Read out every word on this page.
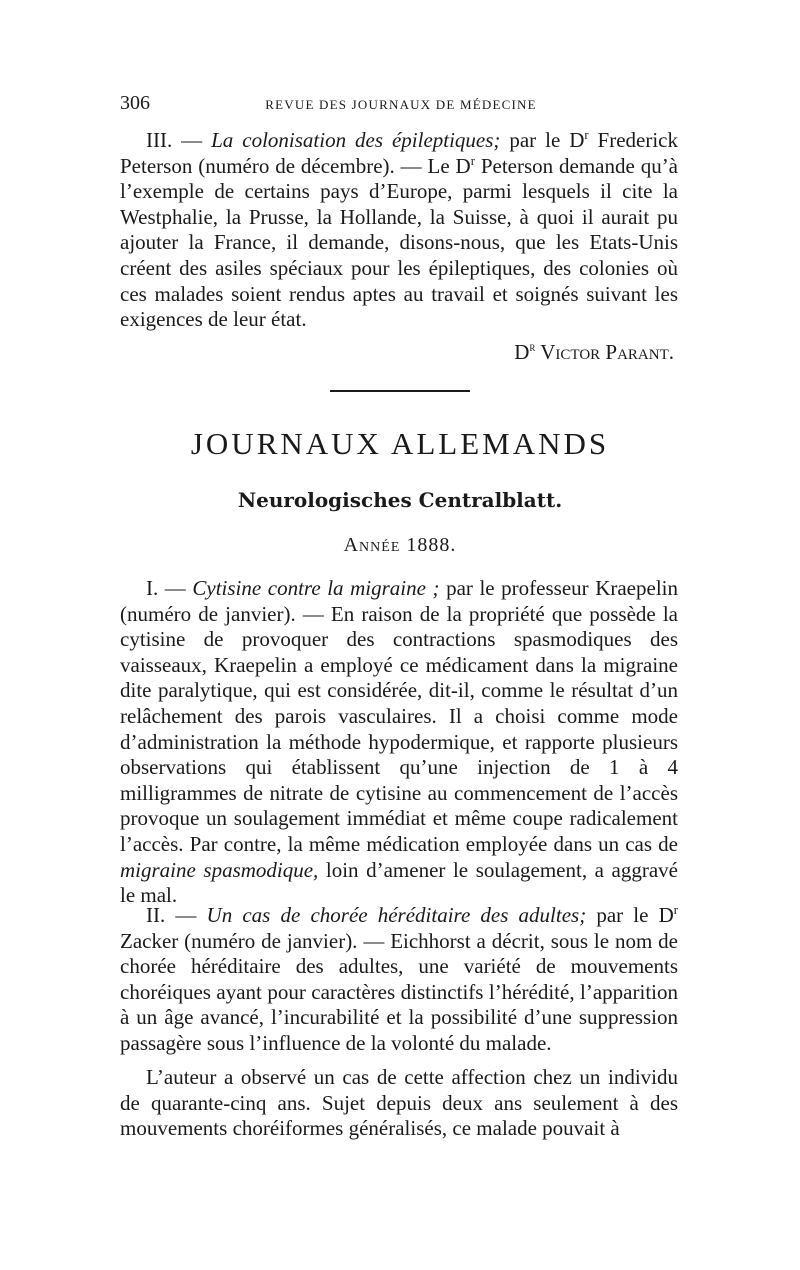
306	REVUE DES JOURNAUX DE MÉDECINE

III. — La colonisation des épileptiques; par le $D^r$ Frederick Peterson (numéro de décembre). — Le $D^r$ Peterson demande qu’à l’exemple de certains pays d’Europe, parmi lesquels il cite la Westphalie, la Prusse, la Hollande, la Suisse, à quoi il aurait pu ajouter la France, il demande, disons-nous, que les Etats-Unis créent des asiles spéciaux pour les épileptiques, des colonies où ces malades soient rendus aptes au travail et soignés suivant les exigences de leur état.

$D^r$ Victor Parant.
JOURNAUX ALLEMANDS
Neurologisches Centralblatt.
Année 1888.

I. — Cytisine contre la migraine ; par le professeur Kraepelin (numéro de janvier). — En raison de la propriété que possède la cytisine de provoquer des contractions spasmodiques des vaisseaux, Kraepelin a employé ce médicament dans la migraine dite paralytique, qui est considérée, dit-il, comme le résultat d’un relâchement des parois vasculaires. Il a choisi comme mode d’administration la méthode hypodermique, et rapporte plusieurs observations qui établissent qu’une injection de 1 à 4 milligrammes de nitrate de cytisine au commencement de l’accès provoque un soulagement immédiat et même coupe radicalement l’accès. Par contre, la même médication employée dans un cas de migraine spasmodique, loin d’amener le soulagement, a aggravé le mal.

II. — Un cas de chorée héréditaire des adultes; par le $D^r$ Zacker (numéro de janvier). — Eichhorst a décrit, sous le nom de chorée héréditaire des adultes, une variété de mouvements choréiques ayant pour caractères distinctifs l’hérédité, l’apparition à un âge avancé, l’incurabilité et la possibilité d’une suppression passagère sous l’influence de la volonté du malade.

L’auteur a observé un cas de cette affection chez un individu de quarante-cinq ans. Sujet depuis deux ans seulement à des mouvements choréiformes généralisés, ce malade pouvait à
